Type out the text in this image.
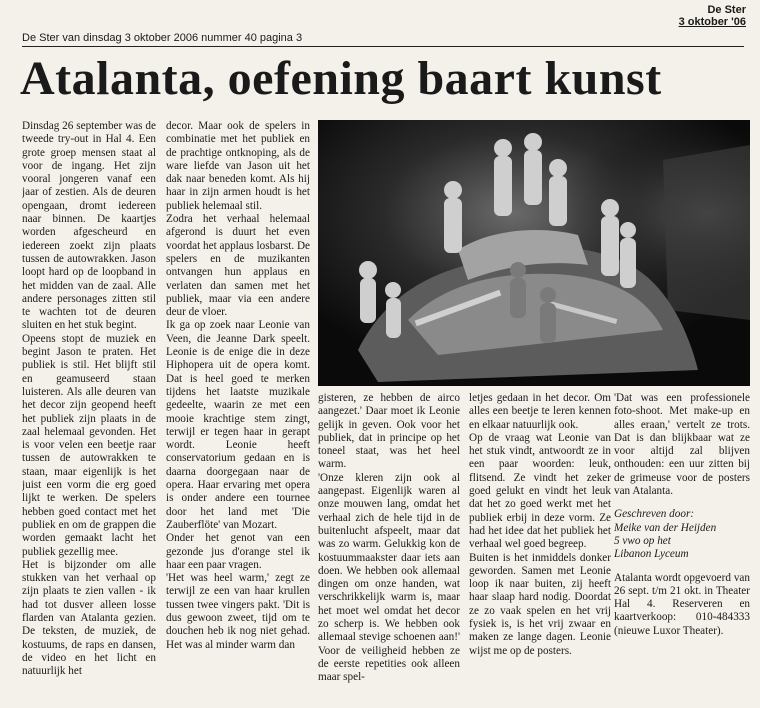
De Ster
3 oktober '06
De Ster van dinsdag 3 oktober 2006 nummer 40 pagina 3
Atalanta, oefening baart kunst

Dinsdag 26 september was de tweede try-out in Hal 4. Een grote groep mensen staat al voor de ingang. Het zijn vooral jongeren vanaf een jaar of zestien. Als de deuren opengaan, dromt iedereen naar binnen. De kaartjes worden afgescheurd en iedereen zoekt zijn plaats tussen de autowrakken. Jason loopt hard op de loopband in het midden van de zaal. Alle andere personages zitten stil te wachten tot de deuren sluiten en het stuk begint.

Opeens stopt de muziek en begint Jason te praten. Het publiek is stil. Het blijft stil en geamuseerd staan luisteren. Als alle deuren van het decor zijn geopend heeft het publiek zijn plaats in de zaal helemaal gevonden. Het is voor velen een beetje raar tussen de autowrakken te staan, maar eigenlijk is het juist een vorm die erg goed lijkt te werken. De spelers hebben goed contact met het publiek en om de grappen die worden gemaakt lacht het publiek gezellig mee.

Het is bijzonder om alle stukken van het verhaal op zijn plaats te zien vallen - ik had tot dusver alleen losse flarden van Atalanta gezien. De teksten, de muziek, de kostuums, de raps en dansen, de video en het licht en natuurlijk het

decor. Maar ook de spelers in combinatie met het publiek en de prachtige ontknoping, als de ware liefde van Jason uit het dak naar beneden komt. Als hij haar in zijn armen houdt is het publiek helemaal stil.

Zodra het verhaal helemaal afgerond is duurt het even voordat het applaus losbarst. De spelers en de muzikanten ontvangen hun applaus en verlaten dan samen met het publiek, maar via een andere deur de vloer.

Ik ga op zoek naar Leonie van Veen, die Jeanne Dark speelt. Leonie is de enige die in deze Hiphopera uit de opera komt. Dat is heel goed te merken tijdens het laatste muzikale gedeelte, waarin ze met een mooie krachtige stem zingt, terwijl er tegen haar in gerapt wordt. Leonie heeft conservatorium gedaan en is daarna doorgegaan naar de opera. Haar ervaring met opera is onder andere een tournee door het land met 'Die Zauberflöte' van Mozart.

Onder het genot van een gezonde jus d'orange stel ik haar een paar vragen.

'Het was heel warm,' zegt ze terwijl ze een van haar krullen tussen twee vingers pakt. 'Dit is dus gewoon zweet, tijd om te douchen heb ik nog niet gehad. Het was al minder warm dan

gisteren, ze hebben de airco aangezet.' Daar moet ik Leonie gelijk in geven. Ook voor het publiek, dat in principe op het toneel staat, was het heel warm.

'Onze kleren zijn ook al aangepast. Eigenlijk waren al onze mouwen lang, omdat het verhaal zich de hele tijd in de buitenlucht afspeelt, maar dat was zo warm. Gelukkig kon de kostuummaakster daar iets aan doen. We hebben ook allemaal dingen om onze handen, wat verschrikkelijk warm is, maar het moet wel omdat het decor zo scherp is. We hebben ook allemaal stevige schoenen aan!' Voor de veiligheid hebben ze de eerste repetities ook alleen maar spel-

letjes gedaan in het decor. Om alles een beetje te leren kennen en elkaar natuurlijk ook.

Op de vraag wat Leonie van het stuk vindt, antwoordt ze in een paar woorden: leuk, flitsend. Ze vindt het zeker goed gelukt en vindt het leuk dat het zo goed werkt met het publiek erbij in deze vorm. Ze had het idee dat het publiek het verhaal wel goed begreep.

Buiten is het inmiddels donker geworden. Samen met Leonie loop ik naar buiten, zij heeft haar slaap hard nodig. Doordat ze zo vaak spelen en het vrij fysiek is, is het vrij zwaar en maken ze lange dagen. Leonie wijst me op de posters.

'Dat was een professionele foto-shoot. Met make-up en alles eraan,' vertelt ze trots. Dat is dan blijkbaar wat ze voor altijd zal blijven onthouden: een uur zitten bij de grimeuse voor de posters van Atalanta.

Geschreven door:
Meike van der Heijden
5 vwo op het
Libanon Lyceum

Atalanta wordt opgevoerd van 26 sept. t/m 21 okt. in Theater Hal 4. Reserveren en kaartverkoop: 010-484333 (nieuwe Luxor Theater).
